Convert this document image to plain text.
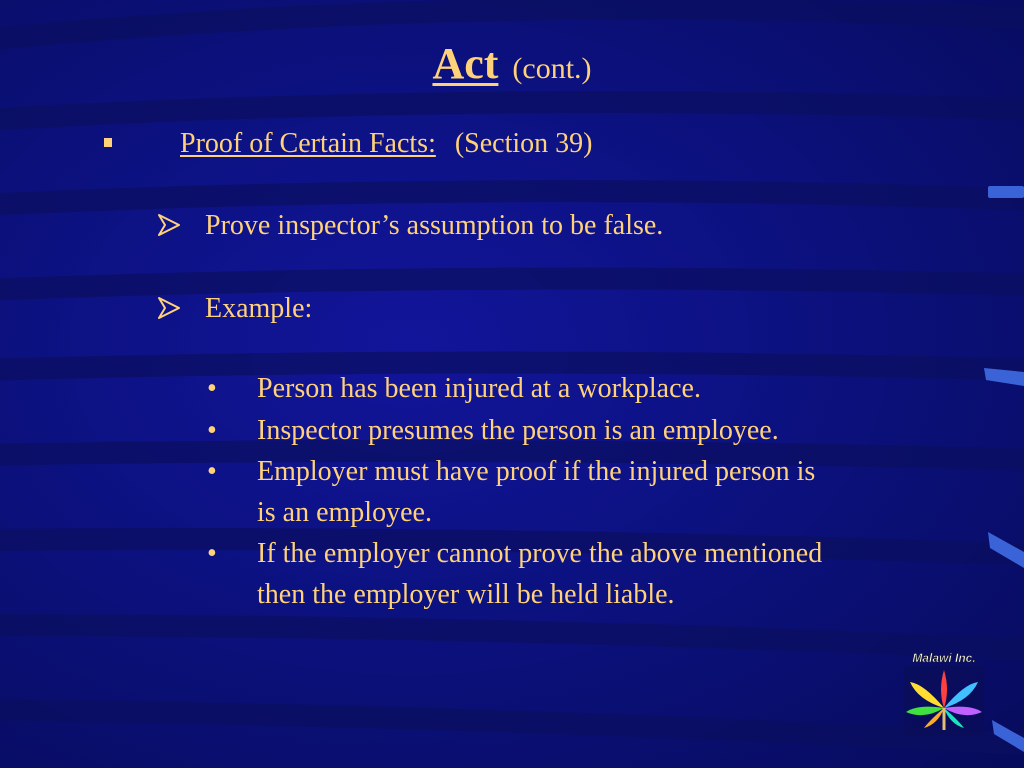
Act (cont.)
Proof of Certain Facts: (Section 39)
Prove inspector’s assumption to be false.
Example:
• Person has been injured at a workplace.
• Inspector presumes the person is an employee.
• Employer must have proof if the injured person is
is an employee.
• If the employer cannot prove the above mentioned
then the employer will be held liable.
Malawi Inc.
